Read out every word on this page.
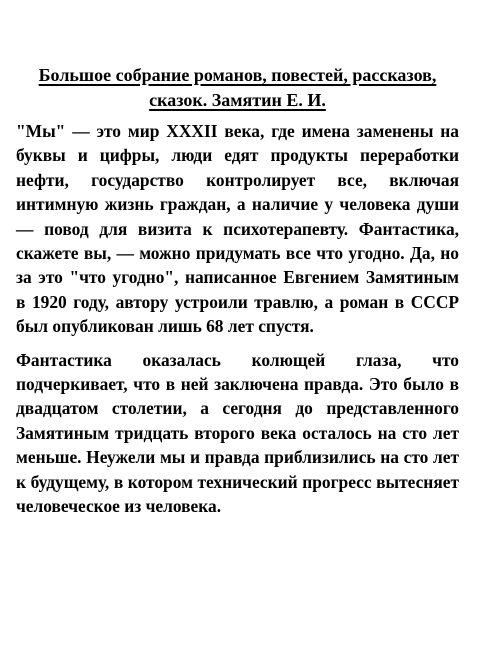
Большое собрание романов, повестей, рассказов, сказок. Замятин Е. И.

"Мы" — это мир XXXII века, где имена заменены на буквы и цифры, люди едят продукты переработки нефти, государство контролирует все, включая интимную жизнь граждан, а наличие у человека души — повод для визита к психотерапевту. Фантастика, скажете вы, — можно придумать все что угодно. Да, но за это "что угодно", написанное Евгением Замятиным в 1920 году, автору устроили травлю, а роман в СССР был опубликован лишь 68 лет спустя.

Фантастика оказалась колющей глаза, что подчеркивает, что в ней заключена правда. Это было в двадцатом столетии, а сегодня до представленного Замятиным тридцать второго века осталось на сто лет меньше. Неужели мы и правда приблизились на сто лет к будущему, в котором технический прогресс вытесняет человеческое из человека.
